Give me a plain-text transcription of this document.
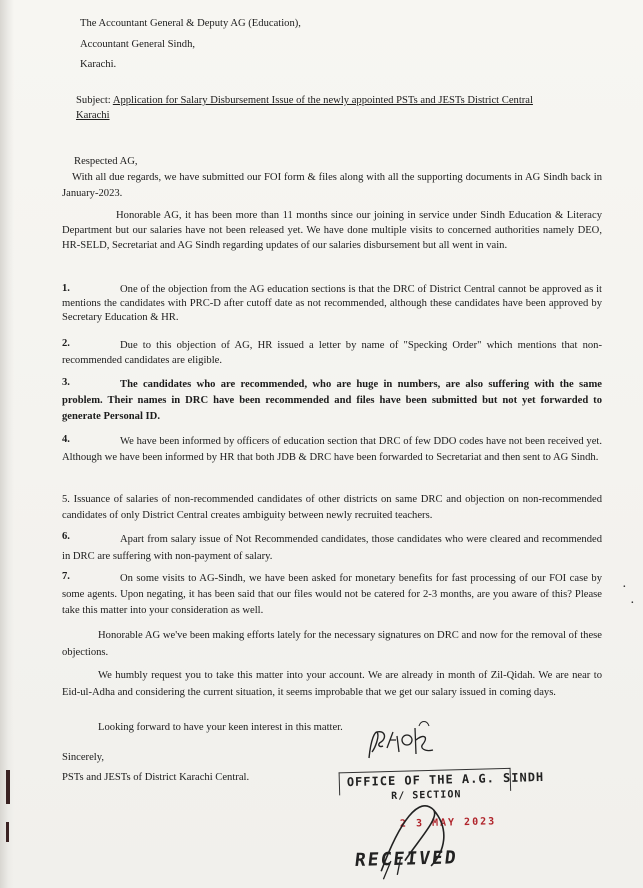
The Accountant General & Deputy AG (Education),
Accountant General Sindh,
Karachi.
Subject: Application for Salary Disbursement Issue of the newly appointed PSTs and JESTs District Central
Karachi
Respected AG,
With all due regards, we have submitted our FOI form & files along with all the supporting documents in AG Sindh back in January-2023.
Honorable AG, it has been more than 11 months since our joining in service under Sindh Education & Literacy Department but our salaries have not been released yet. We have done multiple visits to concerned authorities namely DEO, HR-SELD, Secretariat and AG Sindh regarding updates of our salaries disbursement but all went in vain.
1.	One of the objection from the AG education sections is that the DRC of District Central cannot be approved as it mentions the candidates with PRC-D after cutoff date as not recommended, although these candidates have been approved by Secretary Education & HR.
2.	Due to this objection of AG, HR issued a letter by name of "Specking Order" which mentions that non-recommended candidates are eligible.
3.	The candidates who are recommended, who are huge in numbers, are also suffering with the same problem. Their names in DRC have been recommended and files have been submitted but not yet forwarded to generate Personal ID.
4.	We have been informed by officers of education section that DRC of few DDO codes have not been received yet. Although we have been informed by HR that both JDB & DRC have been forwarded to Secretariat and then sent to AG Sindh.
5. Issuance of salaries of non-recommended candidates of other districts on same DRC and objection on non-recommended candidates of only District Central creates ambiguity between newly recruited teachers.
6.	Apart from salary issue of Not Recommended candidates, those candidates who were cleared and recommended in DRC are suffering with non-payment of salary.
7.	On some visits to AG-Sindh, we have been asked for monetary benefits for fast processing of our FOI case by some agents. Upon negating, it has been said that our files would not be catered for 2-3 months, are you aware of this? Please take this matter into your consideration as well.
Honorable AG we've been making efforts lately for the necessary signatures on DRC and now for the removal of these objections.
We humbly request you to take this matter into your account. We are already in month of Zil-Qidah. We are near to Eid-ul-Adha and considering the current situation, it seems improbable that we get our salary issued in coming days.
Looking forward to have your keen interest in this matter.
Sincerely,
PSTs and JESTs of District Karachi Central.	OFFICE OF THE A.G. SINDH
R/ SECTION
2 3 MAY 2023
RECEIVED
·
·
